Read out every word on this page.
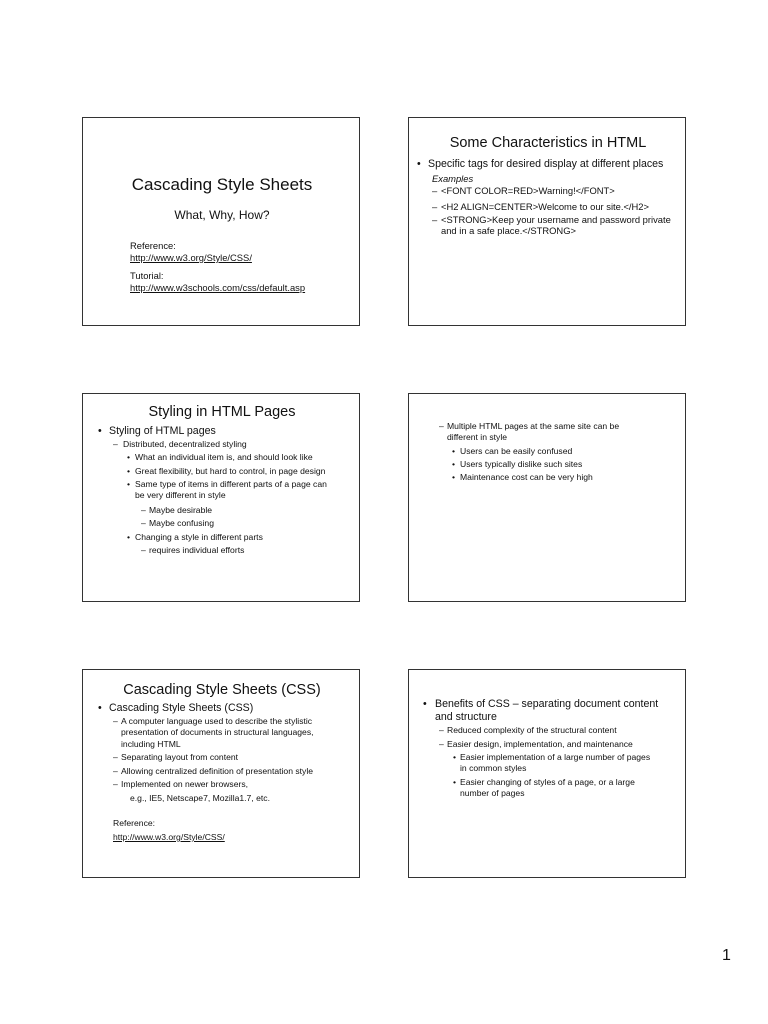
Cascading Style Sheets
What, Why, How?
Reference:
http://www.w3.org/Style/CSS/
Tutorial:
http://www.w3schools.com/css/default.asp
Some Characteristics in HTML
• Specific tags for desired display at different places
Examples
– <FONT COLOR=RED>Warning!</FONT>
– <H2 ALIGN=CENTER>Welcome to our site.</H2>
– <STRONG>Keep your username and password private
and in a safe place.</STRONG>
Styling in HTML Pages
• Styling of HTML pages
– Distributed, decentralized styling
• What an individual item is, and should look like
• Great flexibility, but hard to control, in page design
• Same type of items in different parts of a page can
be very different in style
– Maybe desirable
– Maybe confusing
• Changing a style in different parts
– requires individual efforts
– Multiple HTML pages at the same site can be
different in style
• Users can be easily confused
• Users typically dislike such sites
• Maintenance cost can be very high
Cascading Style Sheets (CSS)
• Cascading Style Sheets (CSS)
– A computer language used to describe the stylistic
presentation of documents in structural languages,
including HTML
– Separating layout from content
– Allowing centralized definition of presentation style
– Implemented on newer browsers,
e.g., IE5, Netscape7, Mozilla1.7, etc.
Reference:
http://www.w3.org/Style/CSS/
• Benefits of CSS – separating document content
and structure
– Reduced complexity of the structural content
– Easier design, implementation, and maintenance
• Easier implementation of a large number of pages
in common styles
• Easier changing of styles of a page, or a large
number of pages
1
